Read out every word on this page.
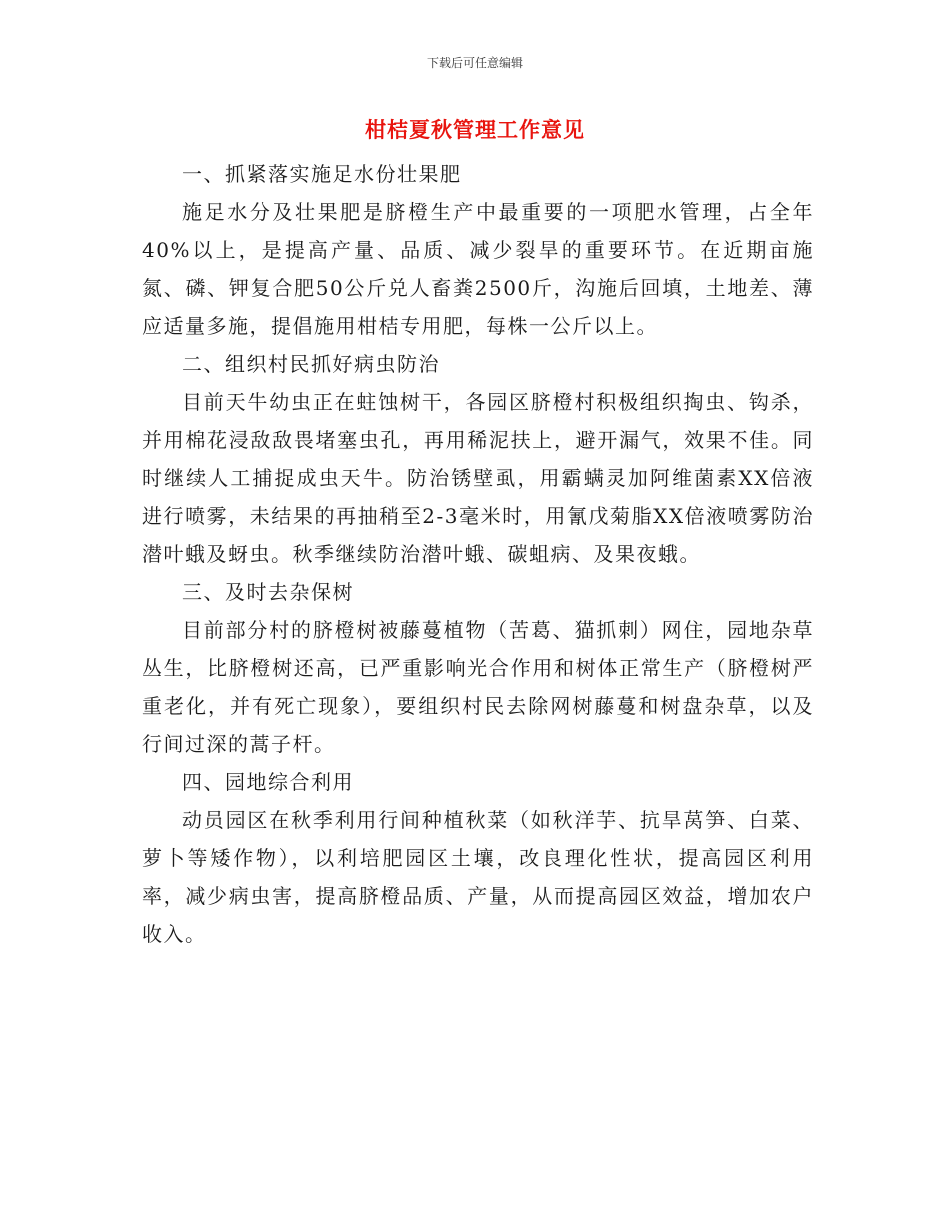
下载后可任意编辑
柑桔夏秋管理工作意见

一、抓紧落实施足水份壮果肥

施足水分及壮果肥是脐橙生产中最重要的一项肥水管理，占全年40%以上，是提高产量、品质、减少裂旱的重要环节。在近期亩施氮、磷、钾复合肥50公斤兑人畜粪2500斤，沟施后回填，土地差、薄应适量多施，提倡施用柑桔专用肥，每株一公斤以上。

二、组织村民抓好病虫防治

目前天牛幼虫正在蛀蚀树干，各园区脐橙村积极组织掏虫、钩杀，并用棉花浸敌敌畏堵塞虫孔，再用稀泥扶上，避开漏气，效果不佳。同时继续人工捕捉成虫天牛。防治锈壁虱，用霸螨灵加阿维菌素XX倍液进行喷雾，未结果的再抽稍至2-3毫米时，用氰戊菊脂XX倍液喷雾防治潜叶蛾及蚜虫。秋季继续防治潜叶蛾、碳蛆病、及果夜蛾。

三、及时去杂保树

目前部分村的脐橙树被藤蔓植物（苦葛、猫抓刺）网住，园地杂草丛生，比脐橙树还高，已严重影响光合作用和树体正常生产（脐橙树严重老化，并有死亡现象），要组织村民去除网树藤蔓和树盘杂草，以及行间过深的蒿子杆。

四、园地综合利用

动员园区在秋季利用行间种植秋菜（如秋洋芋、抗旱莴笋、白菜、萝卜等矮作物），以利培肥园区土壤，改良理化性状，提高园区利用率，减少病虫害，提高脐橙品质、产量，从而提高园区效益，增加农户收入。
